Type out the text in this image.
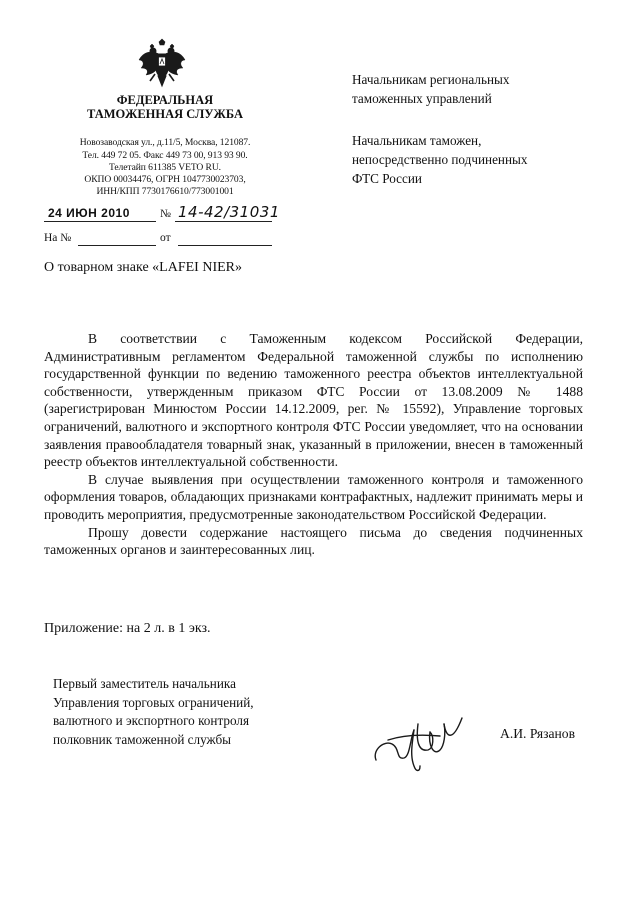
ФЕДЕРАЛЬНАЯ
ТАМОЖЕННАЯ СЛУЖБА
Новозаводская ул., д.11/5, Москва, 121087.
Тел. 449 72 05. Факс 449 73 00, 913 93 90.
Телетайп 611385 VETO RU.
ОКПО 00034476, ОГРН 1047730023703,
ИНН/КПП 7730176610/773001001
24 ИЮН 2010	№ 14-42/31031
На №	от
Начальникам региональных
таможенных управлений
Начальникам таможен,
непосредственно подчиненных
ФТС России
О товарном знаке «LAFEI NIER»

В соответствии с Таможенным кодексом Российской Федерации, Административным регламентом Федеральной таможенной службы по исполнению государственной функции по ведению таможенного реестра объектов интеллектуальной собственности, утвержденным приказом ФТС России от 13.08.2009 № 1488 (зарегистрирован Минюстом России 14.12.2009, рег. № 15592), Управление торговых ограничений, валютного и экспортного контроля ФТС России уведомляет, что на основании заявления правообладателя товарный знак, указанный в приложении, внесен в таможенный реестр объектов интеллектуальной собственности.

В случае выявления при осуществлении таможенного контроля и таможенного оформления товаров, обладающих признаками контрафактных, надлежит принимать меры и проводить мероприятия, предусмотренные законодательством Российской Федерации.

Прошу довести содержание настоящего письма до сведения подчиненных таможенных органов и заинтересованных лиц.

Приложение: на 2 л. в 1 экз.
Первый заместитель начальника
Управления торговых ограничений,
валютного и экспортного контроля
полковник таможенной службы	А.И. Рязанов
